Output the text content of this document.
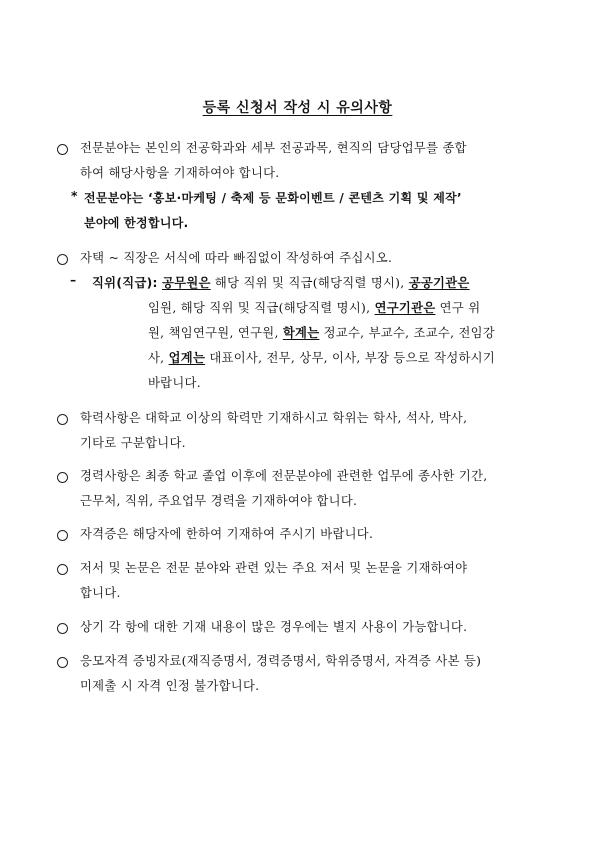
등록 신청서 작성 시 유의사항
전문분야는 본인의 전공학과와 세부 전공과목, 현직의 담당업무를 종합
하여 해당사항을 기재하여야 합니다.
* 전문분야는 ‘홍보·마케팅 / 축제 등 문화이벤트 / 콘텐츠 기획 및 제작’
분야에 한정합니다.
자택 ~ 직장은 서식에 따라 빠짐없이 작성하여 주십시오.
– 직위(직급): 공무원은 해당 직위 및 직급(해당직렬 명시), 공공기관은
임원, 해당 직위 및 직급(해당직렬 명시), 연구기관은 연구 위
원, 책임연구원, 연구원, 학계는 정교수, 부교수, 조교수, 전임강
사, 업계는 대표이사, 전무, 상무, 이사, 부장 등으로 작성하시기
바랍니다.
학력사항은 대학교 이상의 학력만 기재하시고 학위는 학사, 석사, 박사,
기타로 구분합니다.
경력사항은 최종 학교 졸업 이후에 전문분야에 관련한 업무에 종사한 기간,
근무처, 직위, 주요업무 경력을 기재하여야 합니다.
자격증은 해당자에 한하여 기재하여 주시기 바랍니다.
저서 및 논문은 전문 분야와 관련 있는 주요 저서 및 논문을 기재하여야
합니다.
상기 각 항에 대한 기재 내용이 많은 경우에는 별지 사용이 가능합니다.
응모자격 증빙자료(재직증명서, 경력증명서, 학위증명서, 자격증 사본 등)
미제출 시 자격 인정 불가합니다.
